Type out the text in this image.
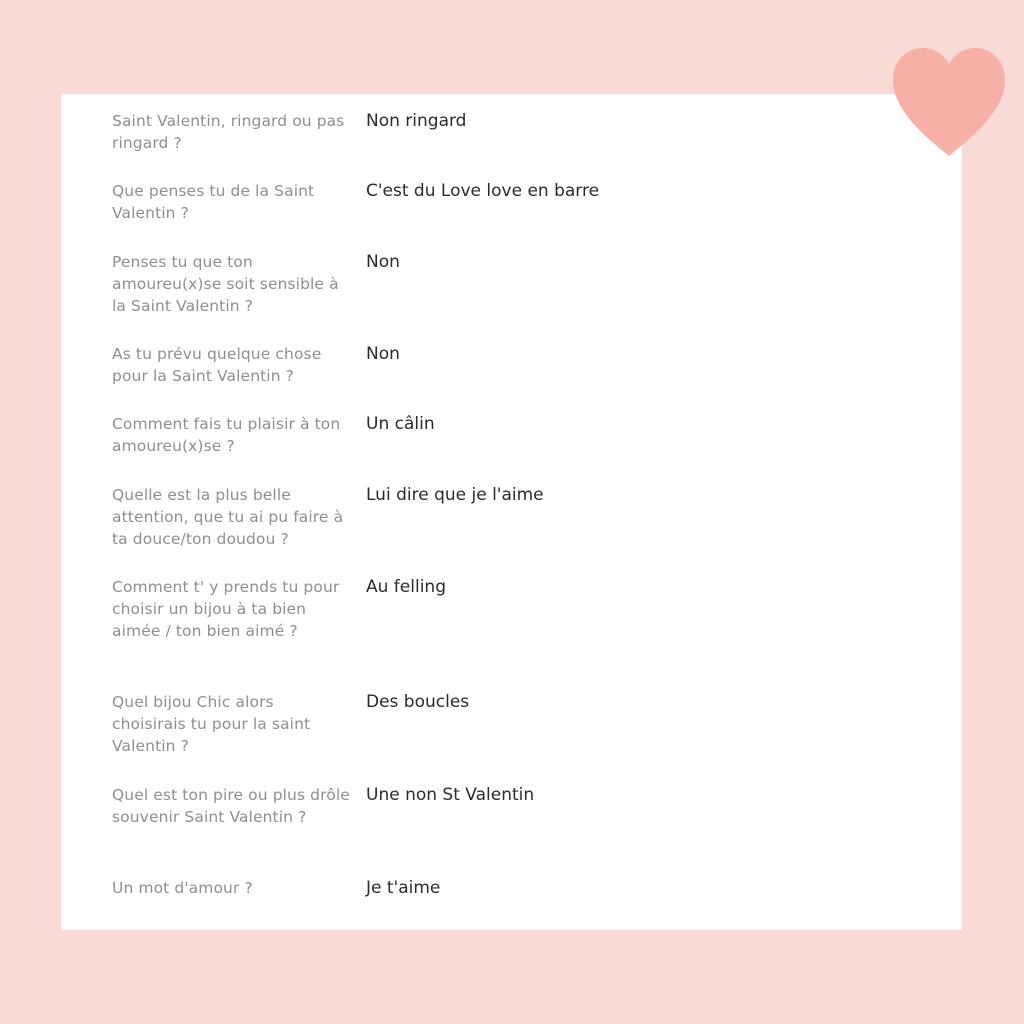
Saint Valentin, ringard ou pas ringard ?
Non ringard
Que penses tu de la Saint Valentin ?
C'est du Love love en barre
Penses tu que ton amoureu(x)se soit sensible à la Saint Valentin ?
Non
As tu prévu quelque chose pour la Saint Valentin ?
Non
Comment fais tu plaisir à ton amoureu(x)se ?
Un câlin
Quelle est la plus belle attention, que tu ai pu faire à ta douce/ton doudou ?
Lui dire que je l'aime
Comment t' y prends tu pour choisir un bijou à ta bien aimée / ton bien aimé ?
Au felling
Quel bijou Chic alors choisirais tu pour la saint Valentin ?
Des boucles
Quel est ton pire ou plus drôle souvenir Saint Valentin ?
Une non St Valentin
Un mot d'amour ?	Je t'aime
